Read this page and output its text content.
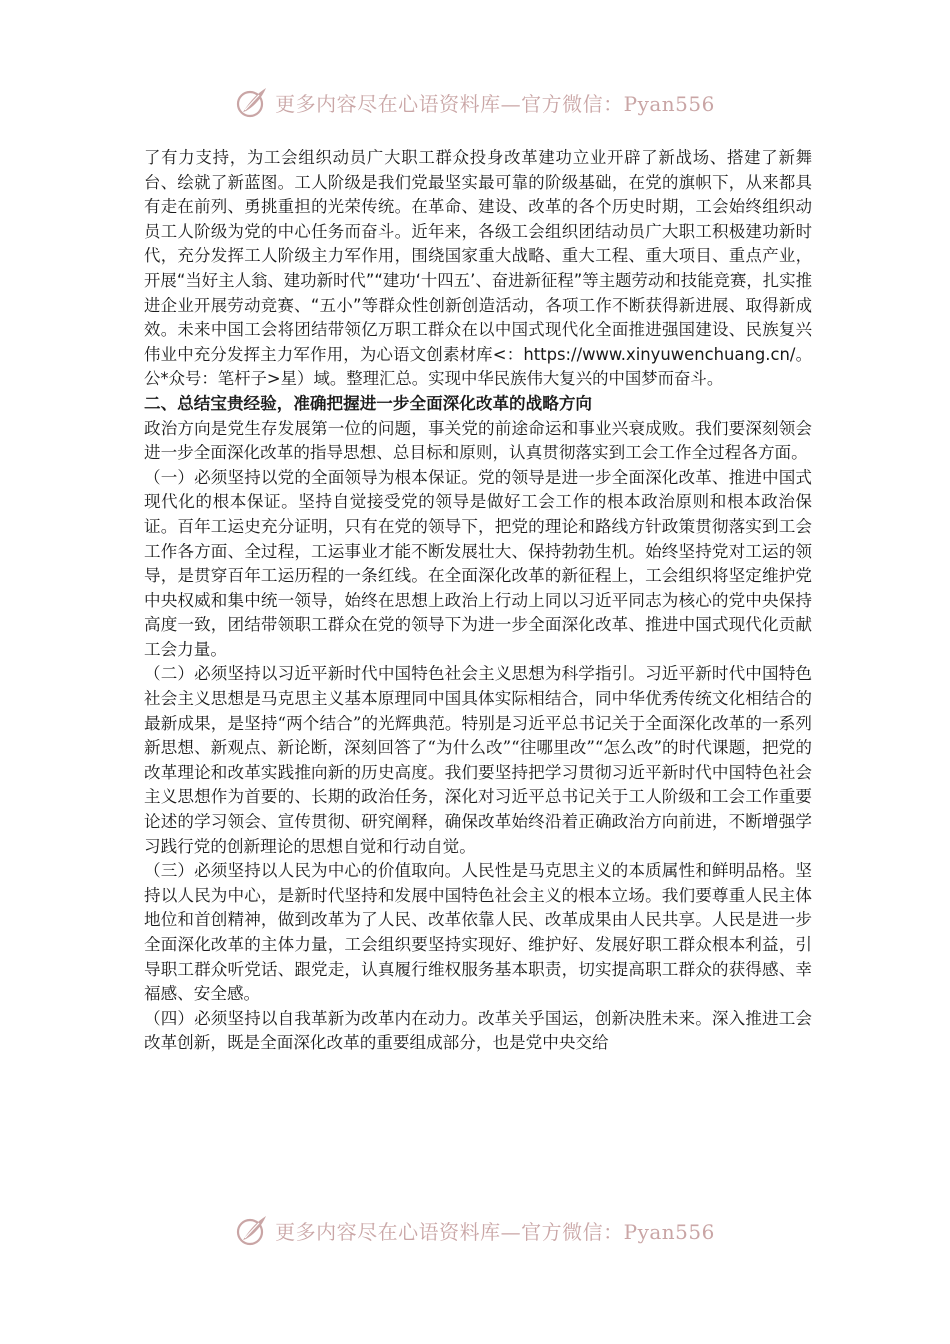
更多内容尽在心语资料库—官方微信：Pyan556

了有力支持，为工会组织动员广大职工群众投身改革建功立业开辟了新战场、搭建了新舞台、绘就了新蓝图。工人阶级是我们党最坚实最可靠的阶级基础，在党的旗帜下，从来都具有走在前列、勇挑重担的光荣传统。在革命、建设、改革的各个历史时期，工会始终组织动员工人阶级为党的中心任务而奋斗。近年来，各级工会组织团结动员广大职工积极建功新时代，充分发挥工人阶级主力军作用，围绕国家重大战略、重大工程、重大项目、重点产业，开展“当好主人翁、建功新时代”“建功‘十四五’、奋进新征程”等主题劳动和技能竞赛，扎实推进企业开展劳动竞赛、“五小”等群众性创新创造活动，各项工作不断获得新进展、取得新成效。未来中国工会将团结带领亿万职工群众在以中国式现代化全面推进强国建设、民族复兴伟业中充分发挥主力军作用，为心语文创素材库<：https://www.xinyuwenchuang.cn/。公*众号：笔杆子>星）域。整理汇总。实现中华民族伟大复兴的中国梦而奋斗。

二、总结宝贵经验，准确把握进一步全面深化改革的战略方向

政治方向是党生存发展第一位的问题，事关党的前途命运和事业兴衰成败。我们要深刻领会进一步全面深化改革的指导思想、总目标和原则，认真贯彻落实到工会工作全过程各方面。

（一）必须坚持以党的全面领导为根本保证。党的领导是进一步全面深化改革、推进中国式现代化的根本保证。坚持自觉接受党的领导是做好工会工作的根本政治原则和根本政治保证。百年工运史充分证明，只有在党的领导下，把党的理论和路线方针政策贯彻落实到工会工作各方面、全过程，工运事业才能不断发展壮大、保持勃勃生机。始终坚持党对工运的领导，是贯穿百年工运历程的一条红线。在全面深化改革的新征程上，工会组织将坚定维护党中央权威和集中统一领导，始终在思想上政治上行动上同以习近平同志为核心的党中央保持高度一致，团结带领职工群众在党的领导下为进一步全面深化改革、推进中国式现代化贡献工会力量。

（二）必须坚持以习近平新时代中国特色社会主义思想为科学指引。习近平新时代中国特色社会主义思想是马克思主义基本原理同中国具体实际相结合，同中华优秀传统文化相结合的最新成果，是坚持“两个结合”的光辉典范。特别是习近平总书记关于全面深化改革的一系列新思想、新观点、新论断，深刻回答了“为什么改”“往哪里改”“怎么改”的时代课题，把党的改革理论和改革实践推向新的历史高度。我们要坚持把学习贯彻习近平新时代中国特色社会主义思想作为首要的、长期的政治任务，深化对习近平总书记关于工人阶级和工会工作重要论述的学习领会、宣传贯彻、研究阐释，确保改革始终沿着正确政治方向前进，不断增强学习践行党的创新理论的思想自觉和行动自觉。

（三）必须坚持以人民为中心的价值取向。人民性是马克思主义的本质属性和鲜明品格。坚持以人民为中心，是新时代坚持和发展中国特色社会主义的根本立场。我们要尊重人民主体地位和首创精神，做到改革为了人民、改革依靠人民、改革成果由人民共享。人民是进一步全面深化改革的主体力量，工会组织要坚持实现好、维护好、发展好职工群众根本利益，引导职工群众听党话、跟党走，认真履行维权服务基本职责，切实提高职工群众的获得感、幸福感、安全感。

（四）必须坚持以自我革新为改革内在动力。改革关乎国运，创新决胜未来。深入推进工会改革创新，既是全面深化改革的重要组成部分，也是党中央交给

更多内容尽在心语资料库—官方微信：Pyan556
